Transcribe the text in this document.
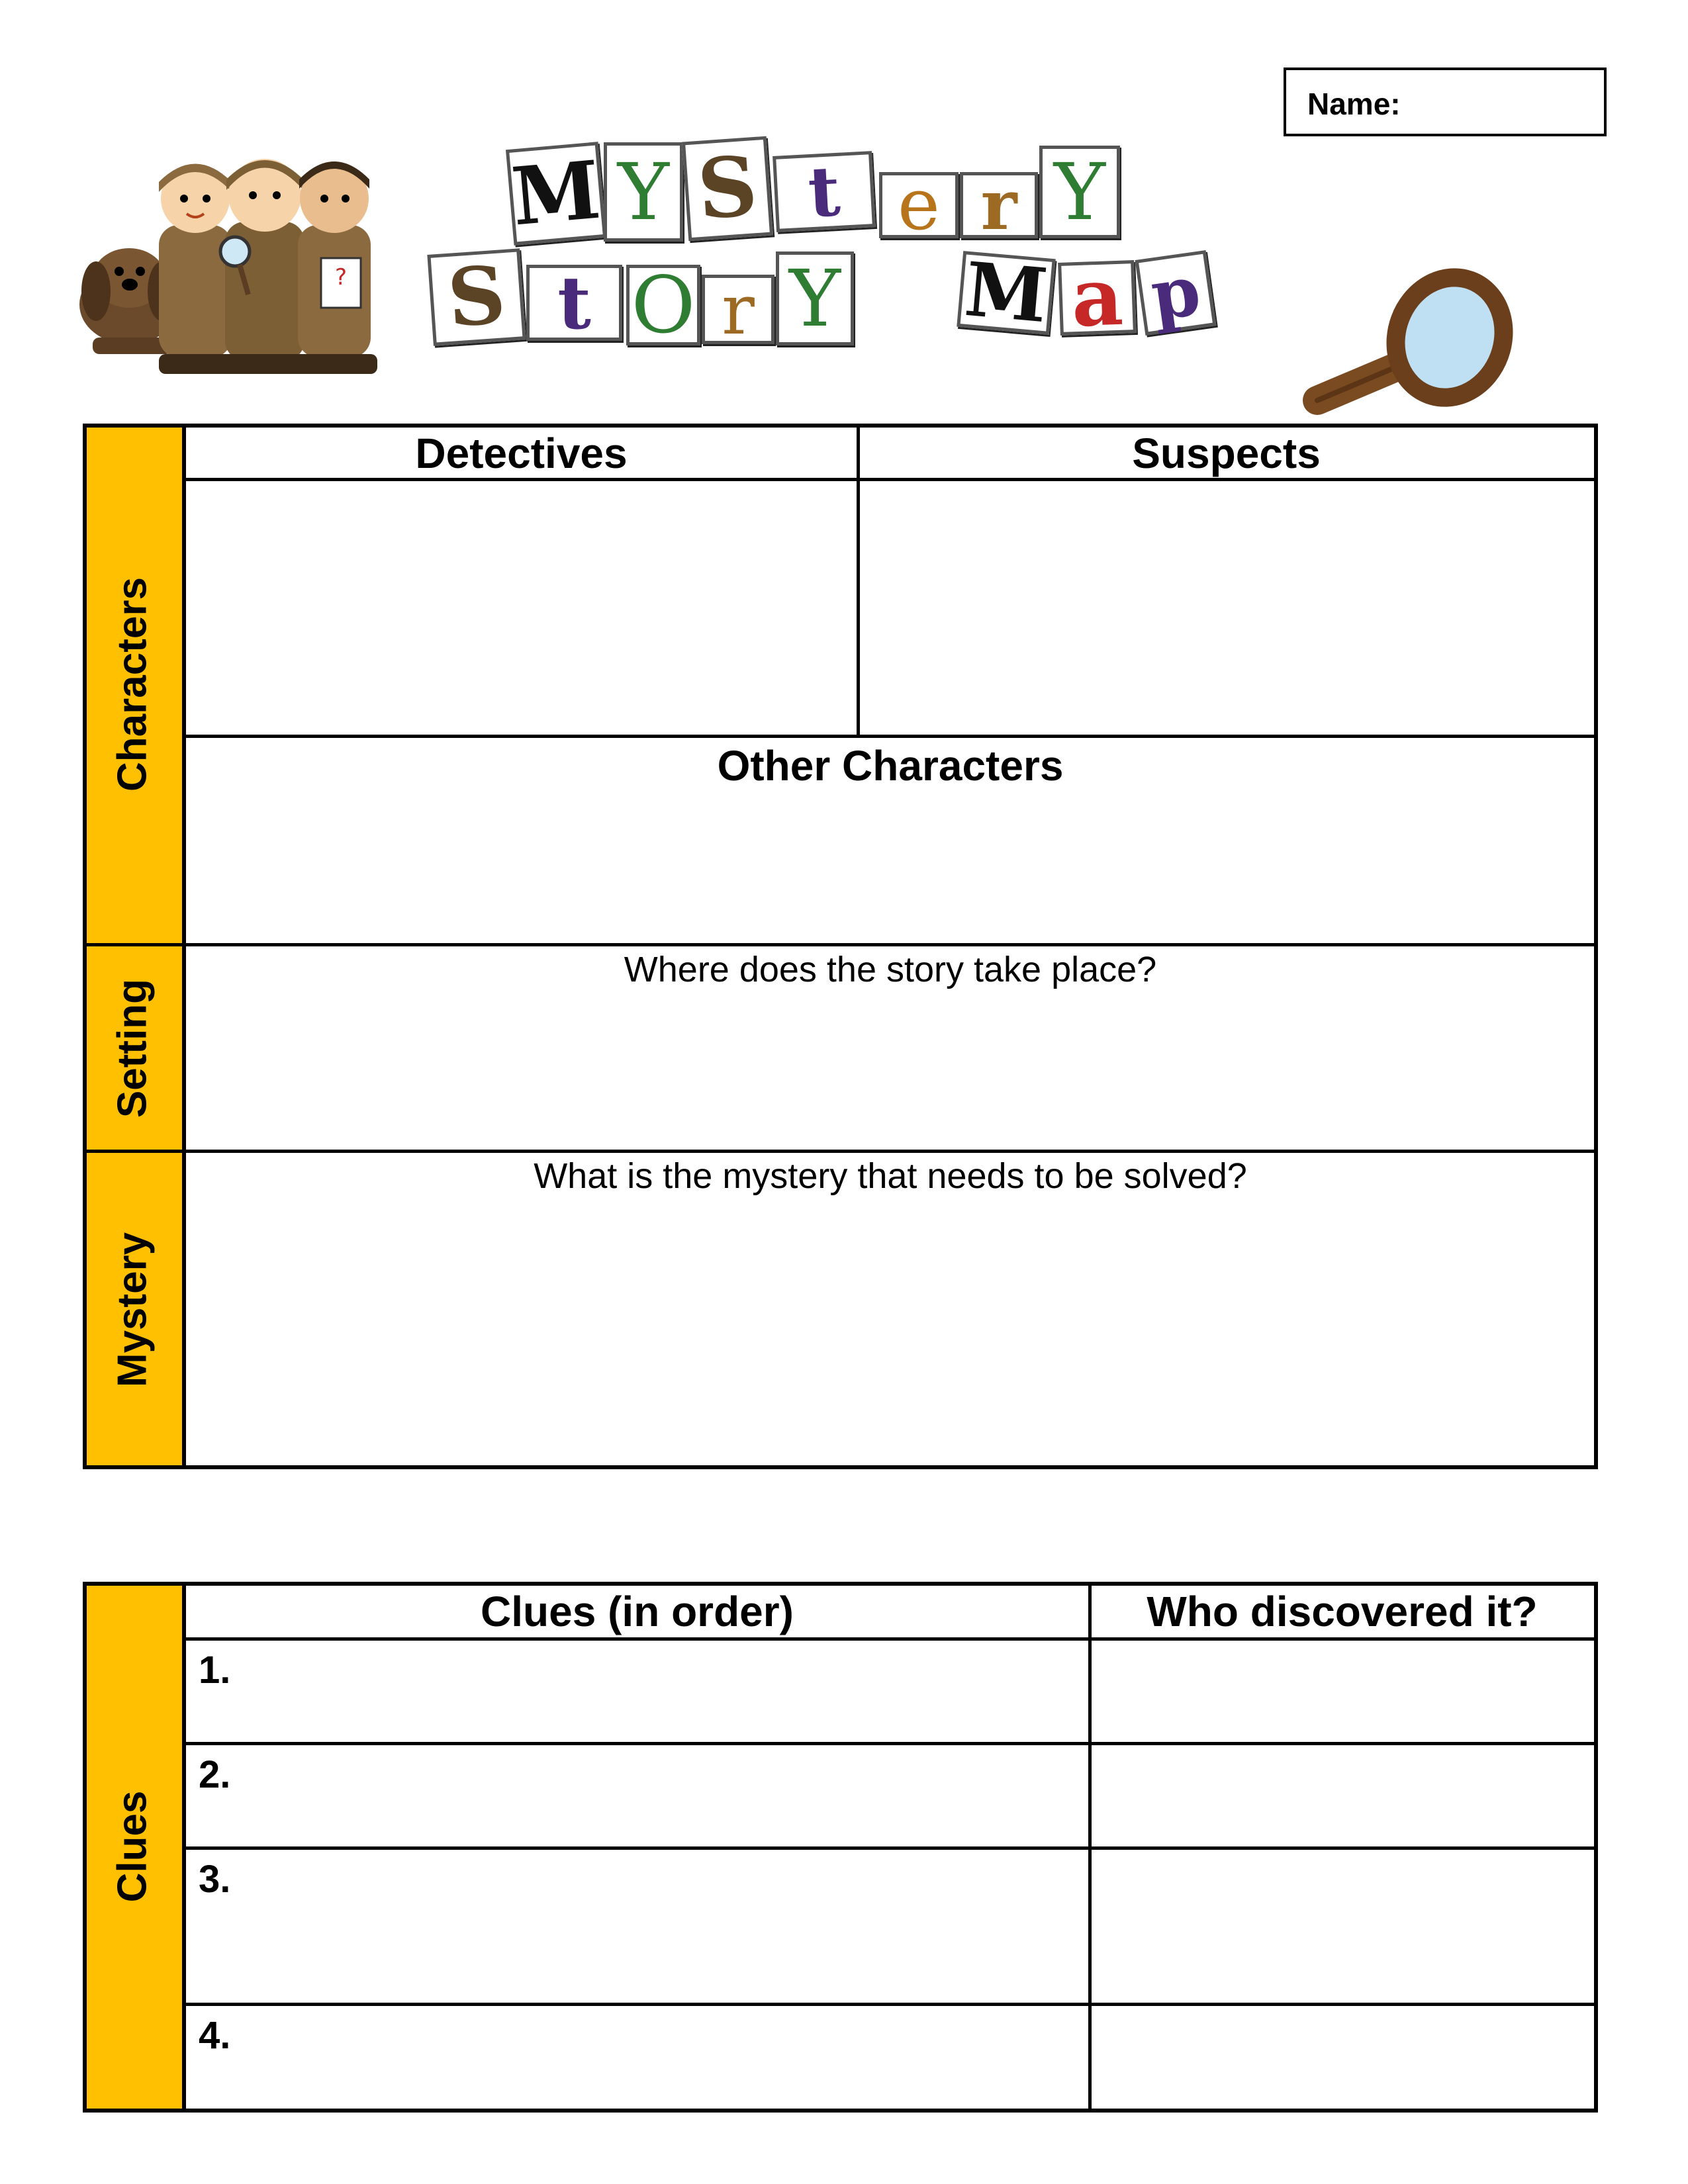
Name:
?
M Y S t e r Y
S t O r Y M a p
Characters
Setting
Mystery
Detectives	Suspects
Other Characters
Where does the story take place?
What is the mystery that needs to be solved?
Clues
Clues (in order)	Who discovered it?
1.
2.
3.
4.
